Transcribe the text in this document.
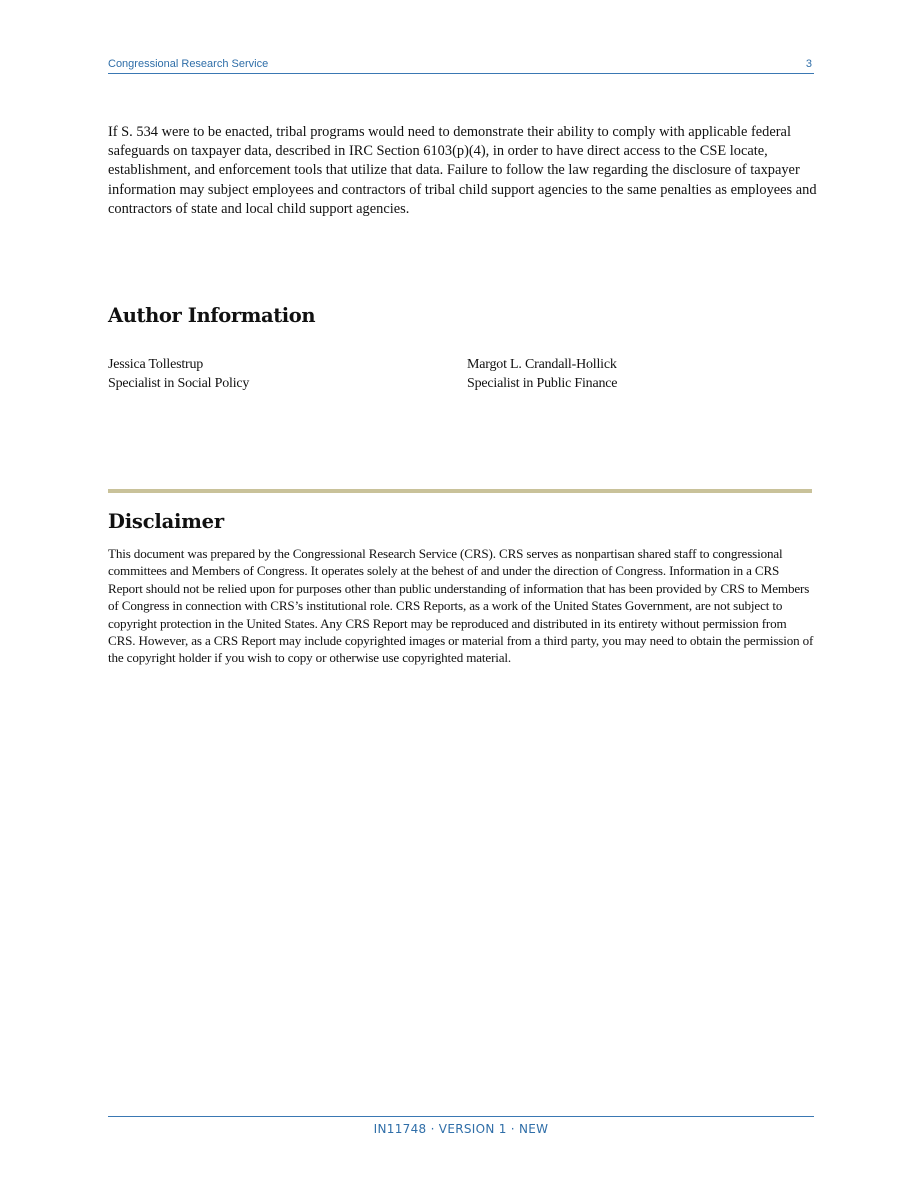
Congressional Research Service	3

If S. 534 were to be enacted, tribal programs would need to demonstrate their ability to comply with applicable federal safeguards on taxpayer data, described in IRC Section 6103(p)(4), in order to have direct access to the CSE locate, establishment, and enforcement tools that utilize that data. Failure to follow the law regarding the disclosure of taxpayer information may subject employees and contractors of tribal child support agencies to the same penalties as employees and contractors of state and local child support agencies.

Author Information
Jessica Tollestrup
Specialist in Social Policy
Margot L. Crandall-Hollick
Specialist in Public Finance
Disclaimer

This document was prepared by the Congressional Research Service (CRS). CRS serves as nonpartisan shared staff to congressional committees and Members of Congress. It operates solely at the behest of and under the direction of Congress. Information in a CRS Report should not be relied upon for purposes other than public understanding of information that has been provided by CRS to Members of Congress in connection with CRS’s institutional role. CRS Reports, as a work of the United States Government, are not subject to copyright protection in the United States. Any CRS Report may be reproduced and distributed in its entirety without permission from CRS. However, as a CRS Report may include copyrighted images or material from a third party, you may need to obtain the permission of the copyright holder if you wish to copy or otherwise use copyrighted material.

IN11748 · VERSION 1 · NEW
